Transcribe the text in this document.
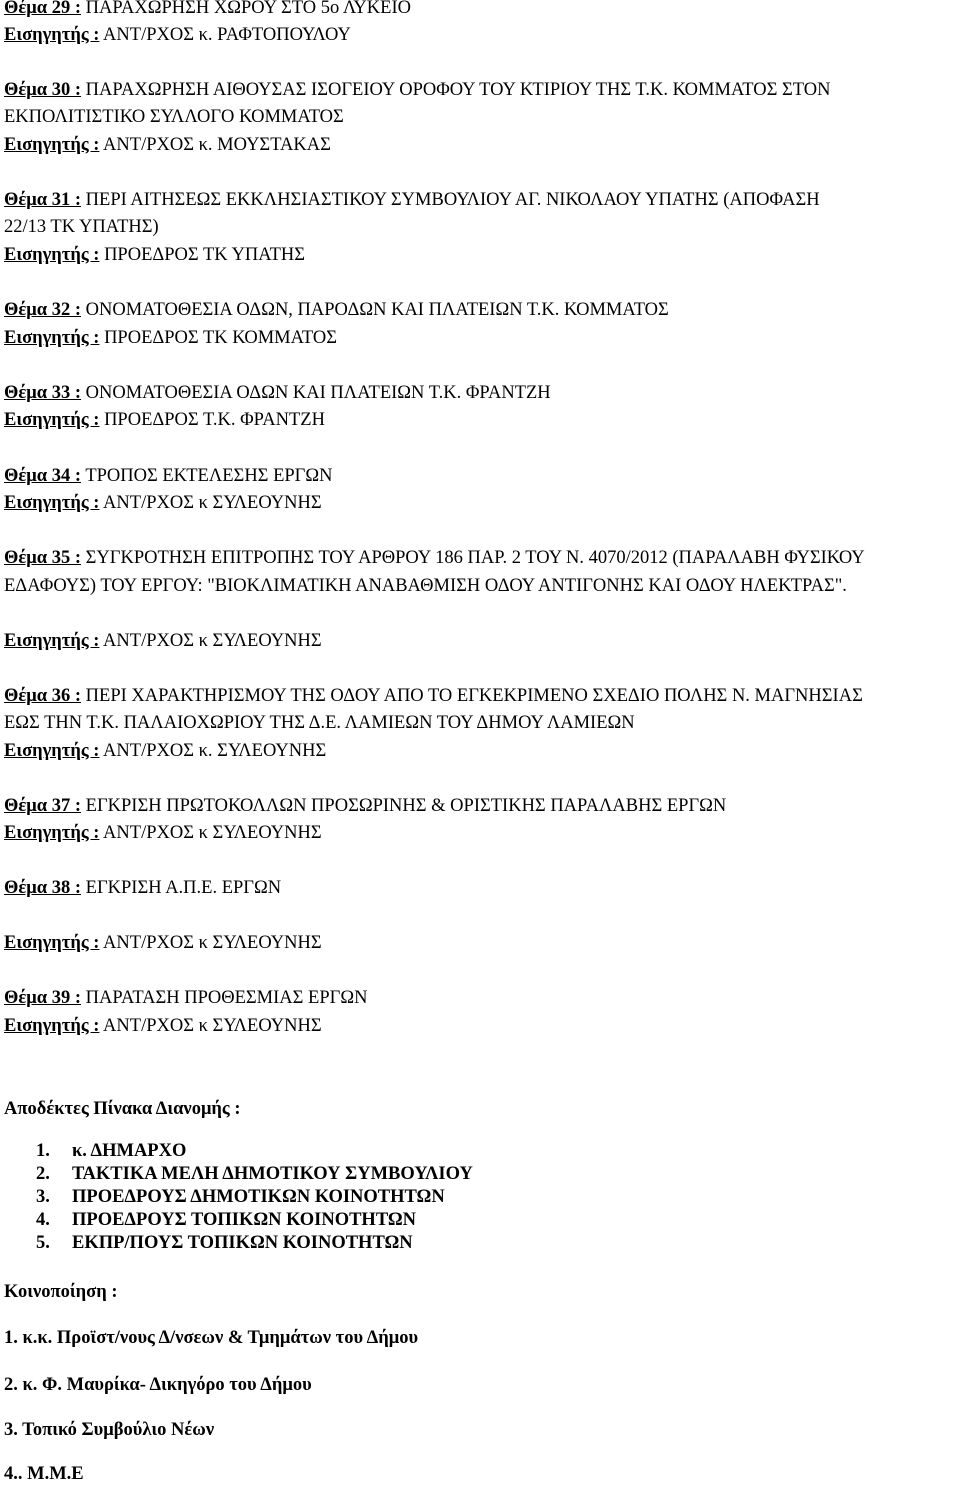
Θέμα 29 : ΠΑΡΑΧΩΡΗΣΗ ΧΩΡΟΥ ΣΤΟ 5ο ΛΥΚΕΙΟ
Εισηγητής : ΑΝΤ/ΡΧΟΣ κ. ΡΑΦΤΟΠΟΥΛΟΥ
Θέμα 30 : ΠΑΡΑΧΩΡΗΣΗ ΑΙΘΟΥΣΑΣ ΙΣΟΓΕΙΟΥ ΟΡΟΦΟΥ ΤΟΥ ΚΤΙΡΙΟΥ ΤΗΣ Τ.Κ. ΚΟΜΜΑΤΟΣ ΣΤΟΝ
ΕΚΠΟΛΙΤΙΣΤΙΚΟ ΣΥΛΛΟΓΟ ΚΟΜΜΑΤΟΣ
Εισηγητής : ΑΝΤ/ΡΧΟΣ κ. ΜΟΥΣΤΑΚΑΣ
Θέμα 31 : ΠΕΡΙ ΑΙΤΗΣΕΩΣ ΕΚΚΛΗΣΙΑΣΤΙΚΟΥ ΣΥΜΒΟΥΛΙΟΥ ΑΓ. ΝΙΚΟΛΑΟΥ ΥΠΑΤΗΣ (ΑΠΟΦΑΣΗ
22/13 ΤΚ ΥΠΑΤΗΣ)
Εισηγητής : ΠΡΟΕΔΡΟΣ ΤΚ ΥΠΑΤΗΣ
Θέμα 32 : ΟΝΟΜΑΤΟΘΕΣΙΑ ΟΔΩΝ, ΠΑΡΟΔΩΝ ΚΑΙ ΠΛΑΤΕΙΩΝ Τ.Κ. ΚΟΜΜΑΤΟΣ
Εισηγητής : ΠΡΟΕΔΡΟΣ ΤΚ ΚΟΜΜΑΤΟΣ
Θέμα 33 : ΟΝΟΜΑΤΟΘΕΣΙΑ ΟΔΩΝ ΚΑΙ ΠΛΑΤΕΙΩΝ Τ.Κ. ΦΡΑΝΤΖΗ
Εισηγητής : ΠΡΟΕΔΡΟΣ Τ.Κ. ΦΡΑΝΤΖΗ
Θέμα 34 : ΤΡΟΠΟΣ ΕΚΤΕΛΕΣΗΣ ΕΡΓΩΝ
Εισηγητής : ΑΝΤ/ΡΧΟΣ κ ΣΥΛΕΟΥΝΗΣ
Θέμα 35 : ΣΥΓΚΡΟΤΗΣΗ ΕΠΙΤΡΟΠΗΣ ΤΟΥ ΑΡΘΡΟΥ 186 ΠΑΡ. 2 ΤΟΥ Ν. 4070/2012 (ΠΑΡΑΛΑΒΗ ΦΥΣΙΚΟΥ
ΕΔΑΦΟΥΣ) ΤΟΥ ΕΡΓΟΥ: "ΒΙΟΚΛΙΜΑΤΙΚΗ ΑΝΑΒΑΘΜΙΣΗ ΟΔΟΥ ΑΝΤΙΓΟΝΗΣ ΚΑΙ ΟΔΟΥ ΗΛΕΚΤΡΑΣ".
Εισηγητής : ΑΝΤ/ΡΧΟΣ κ ΣΥΛΕΟΥΝΗΣ
Θέμα 36 : ΠΕΡΙ ΧΑΡΑΚΤΗΡΙΣΜΟΥ ΤΗΣ ΟΔΟΥ ΑΠΟ ΤΟ ΕΓΚΕΚΡΙΜΕΝΟ ΣΧΕΔΙΟ ΠΟΛΗΣ Ν. ΜΑΓΝΗΣΙΑΣ
ΕΩΣ ΤΗΝ Τ.Κ. ΠΑΛΑΙΟΧΩΡΙΟΥ ΤΗΣ Δ.Ε. ΛΑΜΙΕΩΝ ΤΟΥ ΔΗΜΟΥ ΛΑΜΙΕΩΝ
Εισηγητής : ΑΝΤ/ΡΧΟΣ κ. ΣΥΛΕΟΥΝΗΣ
Θέμα 37 : ΕΓΚΡΙΣΗ ΠΡΩΤΟΚΟΛΛΩΝ ΠΡΟΣΩΡΙΝΗΣ & ΟΡΙΣΤΙΚΗΣ ΠΑΡΑΛΑΒΗΣ ΕΡΓΩΝ
Εισηγητής : ΑΝΤ/ΡΧΟΣ κ ΣΥΛΕΟΥΝΗΣ
Θέμα 38 : ΕΓΚΡΙΣΗ Α.Π.Ε. ΕΡΓΩΝ
Εισηγητής : ΑΝΤ/ΡΧΟΣ κ ΣΥΛΕΟΥΝΗΣ
Θέμα 39 : ΠΑΡΑΤΑΣΗ ΠΡΟΘΕΣΜΙΑΣ ΕΡΓΩΝ
Εισηγητής : ΑΝΤ/ΡΧΟΣ κ ΣΥΛΕΟΥΝΗΣ
Αποδέκτες Πίνακα Διανομής :
1. κ. ΔΗΜΑΡΧΟ
2. ΤΑΚΤΙΚΑ ΜΕΛΗ ΔΗΜΟΤΙΚΟΥ ΣΥΜΒΟΥΛΙΟΥ
3. ΠΡΟΕΔΡΟΥΣ ΔΗΜΟΤΙΚΩΝ ΚΟΙΝΟΤΗΤΩΝ
4. ΠΡΟΕΔΡΟΥΣ ΤΟΠΙΚΩΝ ΚΟΙΝΟΤΗΤΩΝ
5. ΕΚΠΡ/ΠΟΥΣ ΤΟΠΙΚΩΝ ΚΟΙΝΟΤΗΤΩΝ
Κοινοποίηση :
1. κ.κ. Προϊστ/νους Δ/νσεων & Τμημάτων του Δήμου
2. κ. Φ. Μαυρίκα- Δικηγόρο του Δήμου
3. Τοπικό Συμβούλιο Νέων
4.. Μ.Μ.Ε
